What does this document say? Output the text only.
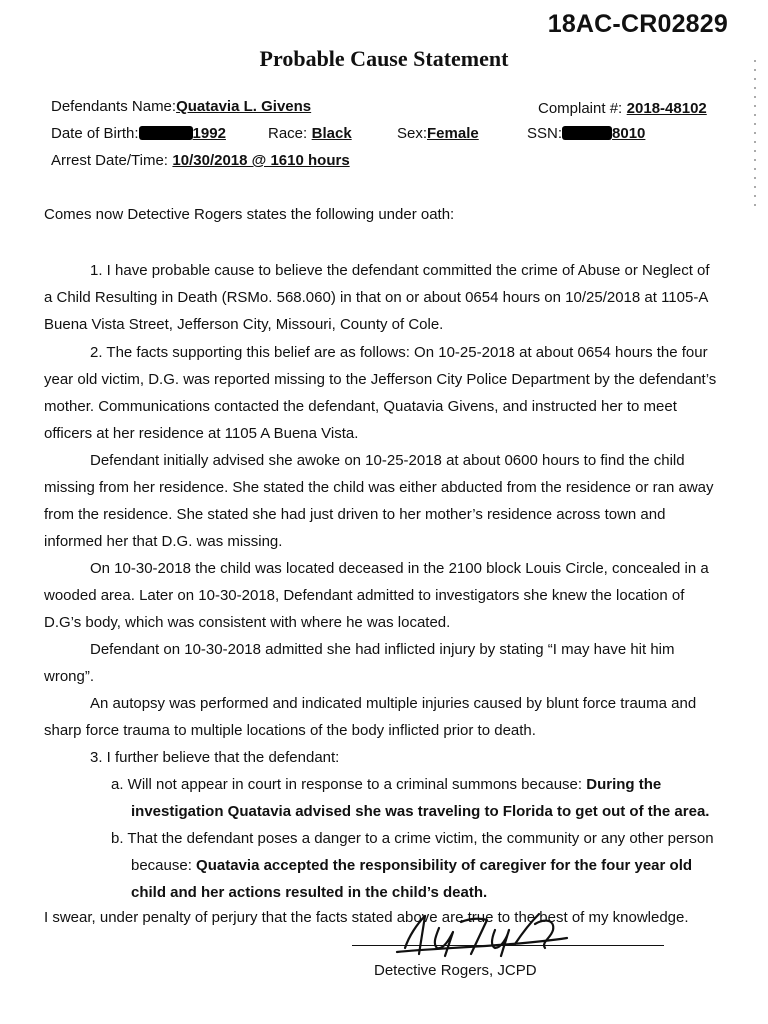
18AC-CR02829
Probable Cause Statement
Defendants Name:Quatavia L. Givens	Complaint #: 2018-48102
Date of Birth:	1992	Race: Black	Sex:Female	SSN:	8010
Arrest Date/Time: 10/30/2018 @ 1610 hours
Comes now Detective Rogers states the following under oath:
1. I have probable cause to believe the defendant committed the crime of Abuse or Neglect of
a Child Resulting in Death (RSMo. 568.060) in that on or about 0654 hours on 10/25/2018 at 1105-A
Buena Vista Street, Jefferson City, Missouri, County of Cole.
2. The facts supporting this belief are as follows: On 10-25-2018 at about 0654 hours the four
year old victim, D.G. was reported missing to the Jefferson City Police Department by the defendant’s
mother. Communications contacted the defendant, Quatavia Givens, and instructed her to meet
officers at her residence at 1105 A Buena Vista.
Defendant initially advised she awoke on 10-25-2018 at about 0600 hours to find the child
missing from her residence. She stated the child was either abducted from the residence or ran away
from the residence. She stated she had just driven to her mother’s residence across town and
informed her that D.G. was missing.
On 10-30-2018 the child was located deceased in the 2100 block Louis Circle, concealed in a
wooded area. Later on 10-30-2018, Defendant admitted to investigators she knew the location of
D.G’s body, which was consistent with where he was located.
Defendant on 10-30-2018 admitted she had inflicted injury by stating “I may have hit him
wrong”.
An autopsy was performed and indicated multiple injuries caused by blunt force trauma and
sharp force trauma to multiple locations of the body inflicted prior to death.
3. I further believe that the defendant:
a. Will not appear in court in response to a criminal summons because: During the
investigation Quatavia advised she was traveling to Florida to get out of the area.
b. That the defendant poses a danger to a crime victim, the community or any other person
because: Quatavia accepted the responsibility of caregiver for the four year old
child and her actions resulted in the child’s death.
I swear, under penalty of perjury that the facts stated above are true to the best of my knowledge.
Detective Rogers, JCPD
